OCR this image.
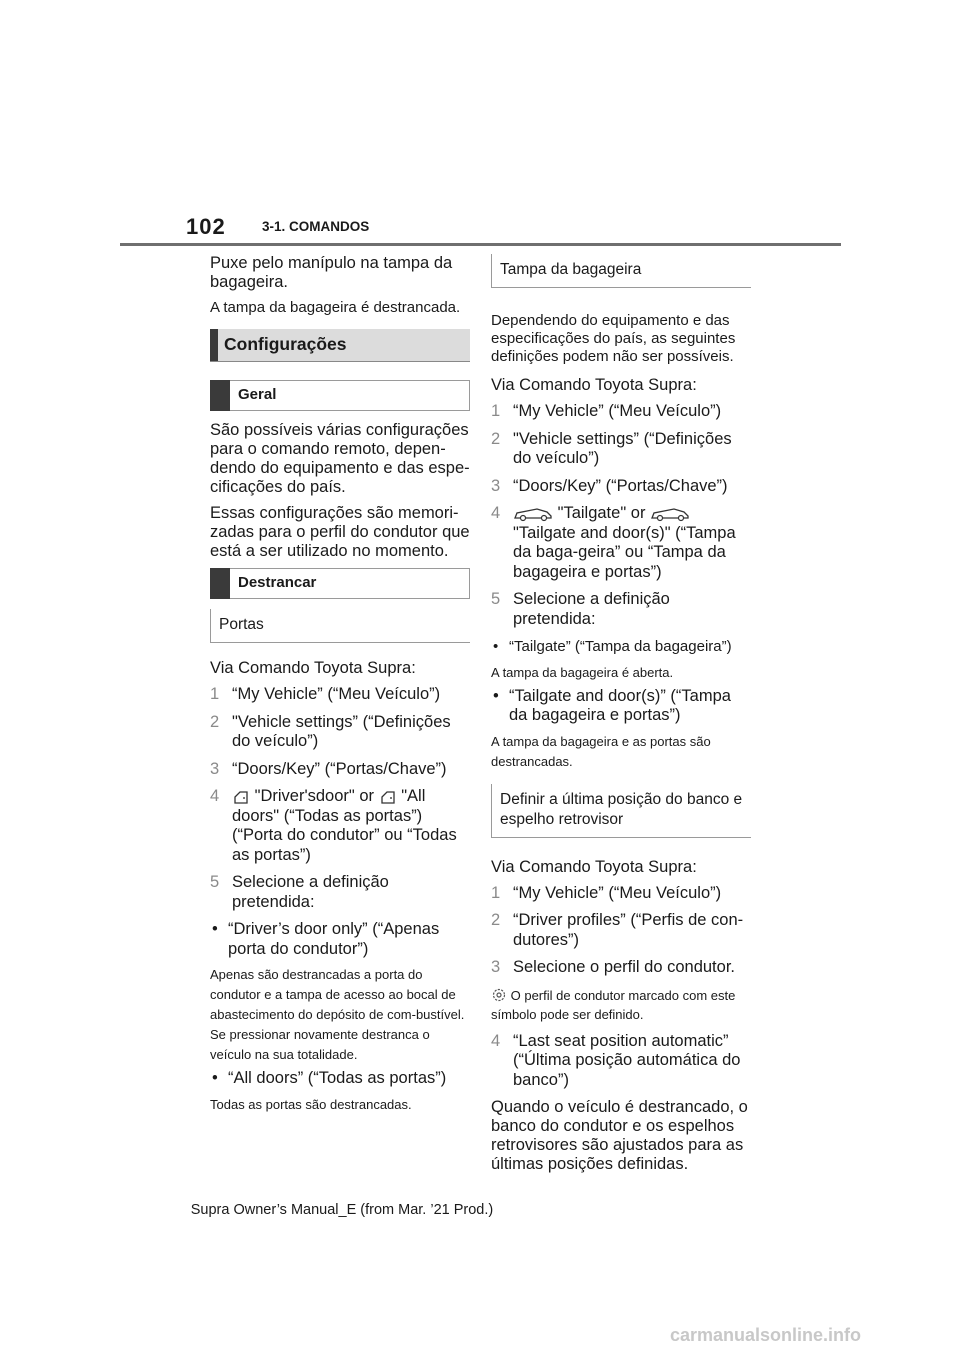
102	3-1. COMANDOS

Puxe pelo manípulo na tampa da bagageira.

A tampa da bagageira é destrancada.

Configurações
Geral

São possíveis várias configurações para o comando remoto, depen-dendo do equipamento e das espe-cificações do país.

Essas configurações são memori-zadas para o perfil do condutor que está a ser utilizado no momento.

Destrancar
Portas

Via Comando Toyota Supra:

1 “My Vehicle” (“Meu Veículo”)
2 "Vehicle settings” (“Definições do veículo”)
3 “Doors/Key” (“Portas/Chave”)
4 "Driver'sdoor" or "All doors" (“Todas as portas”) (“Porta do condutor” ou “Todas as portas”)
5 Selecione a definição pretendida:
• “Driver’s door only” (“Apenas porta do condutor”)

Apenas são destrancadas a porta do condutor e a tampa de acesso ao bocal de abastecimento do depósito de com-bustível. Se pressionar novamente destranca o veículo na sua totalidade.

• “All doors” (“Todas as portas”)

Todas as portas são destrancadas.

Tampa da bagageira

Dependendo do equipamento e das especificações do país, as seguintes definições podem não ser possíveis.

Via Comando Toyota Supra:

1 “My Vehicle” (“Meu Veículo”)
2 "Vehicle settings” (“Definições do veículo”)
3 “Doors/Key” (“Portas/Chave”)
4	"Tailgate" or  "Tailgate and door(s)" (“Tampa da baga-geira” ou “Tampa da bagageira e portas”)
5 Selecione a definição pretendida:
• “Tailgate” (“Tampa da bagageira”)

A tampa da bagageira é aberta.

• “Tailgate and door(s)” (“Tampa da bagageira e portas”)

A tampa da bagageira e as portas são destrancadas.

Definir a última posição do banco e espelho retrovisor

Via Comando Toyota Supra:

1 “My Vehicle” (“Meu Veículo”)
2 “Driver profiles” (“Perfis de con-dutores”)
3 Selecione o perfil do condutor.

O perfil de condutor marcado com este símbolo pode ser definido.

4 “Last seat position automatic” (“Última posição automática do banco”)

Quando o veículo é destrancado, o banco do condutor e os espelhos retrovisores são ajustados para as últimas posições definidas.

Supra Owner’s Manual_E (from Mar. ’21 Prod.)
carmanualsonline.info
